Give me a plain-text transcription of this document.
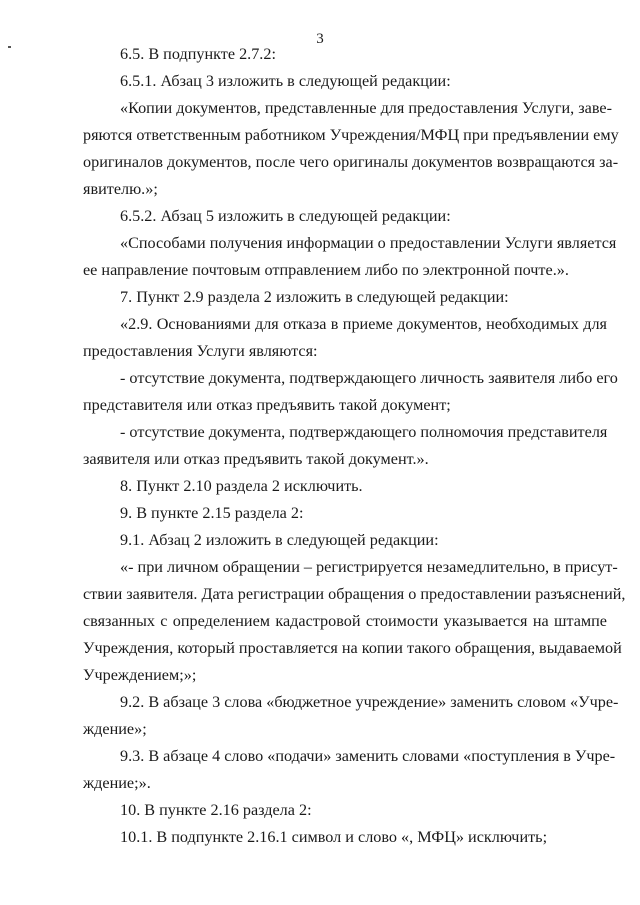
3
6.5. В подпункте 2.7.2:
6.5.1. Абзац 3 изложить в следующей редакции:
«Копии документов, представленные для предоставления Услуги, заве-
ряются ответственным работником Учреждения/МФЦ при предъявлении ему
оригиналов документов, после чего оригиналы документов возвращаются за-
явителю.»;
6.5.2. Абзац 5 изложить в следующей редакции:
«Способами получения информации о предоставлении Услуги является
ее направление почтовым отправлением либо по электронной почте.».
7. Пункт 2.9 раздела 2 изложить в следующей редакции:
«2.9. Основаниями для отказа в приеме документов, необходимых для
предоставления Услуги являются:
- отсутствие документа, подтверждающего личность заявителя либо его
представителя или отказ предъявить такой документ;
- отсутствие документа, подтверждающего полномочия представителя
заявителя или отказ предъявить такой документ.».
8. Пункт 2.10 раздела 2 исключить.
9. В пункте 2.15 раздела 2:
9.1. Абзац 2 изложить в следующей редакции:
«- при личном обращении – регистрируется незамедлительно, в присут-
ствии заявителя. Дата регистрации обращения о предоставлении разъяснений,
связанных с определением кадастровой стоимости указывается на штампе
Учреждения, который проставляется на копии такого обращения, выдаваемой
Учреждением;»;
9.2. В абзаце 3 слова «бюджетное учреждение» заменить словом «Учре-
ждение»;
9.3. В абзаце 4 слово «подачи» заменить словами «поступления в Учре-
ждение;».
10. В пункте 2.16 раздела 2:
10.1. В подпункте 2.16.1 символ и слово «, МФЦ» исключить;
